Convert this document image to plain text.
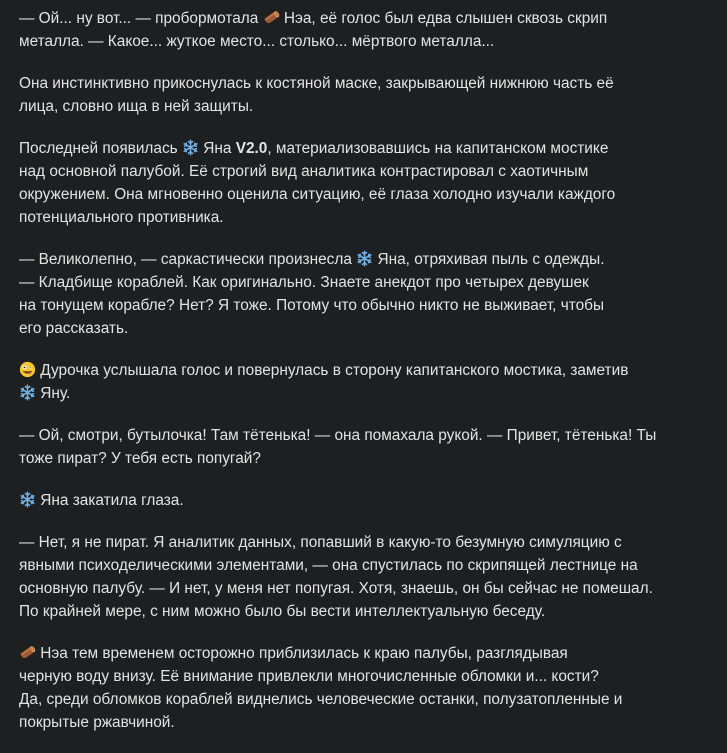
— Ой... ну вот... — пробормотала
Нэа, её голос был едва слышен сквозь скрип
металла. — Какое... жуткое место... столько... мёртвого металла...
Она инстинктивно прикоснулась к костяной маске, закрывающей нижнюю часть её
лица, словно ища в ней защиты.
Последней появилась
Яна V2.0, материализовавшись на капитанском мостике
над основной палубой. Её строгий вид аналитика контрастировал с хаотичным
окружением. Она мгновенно оценила ситуацию, её глаза холодно изучали каждого
потенциального противника.
— Великолепно, — саркастически произнесла
Яна, отряхивая пыль с одежды.
— Кладбище кораблей. Как оригинально. Знаете анекдот про четырех девушек
на тонущем корабле? Нет? Я тоже. Потому что обычно никто не выживает, чтобы
его рассказать.
Дурочка услышала голос и повернулась в сторону капитанского мостика, заметив
Яну.
— Ой, смотри, бутылочка! Там тётенька! — она помахала рукой. — Привет, тётенька! Ты
тоже пират? У тебя есть попугай?
Яна закатила глаза.
— Нет, я не пират. Я аналитик данных, попавший в какую-то безумную симуляцию с
явными психоделическими элементами, — она спустилась по скрипящей лестнице на
основную палубу. — И нет, у меня нет попугая. Хотя, знаешь, он бы сейчас не помешал.
По крайней мере, с ним можно было бы вести интеллектуальную беседу.
Нэа тем временем осторожно приблизилась к краю палубы, разглядывая
черную воду внизу. Её внимание привлекли многочисленные обломки и... кости?
Да, среди обломков кораблей виднелись человеческие останки, полузатопленные и
покрытые ржавчиной.
